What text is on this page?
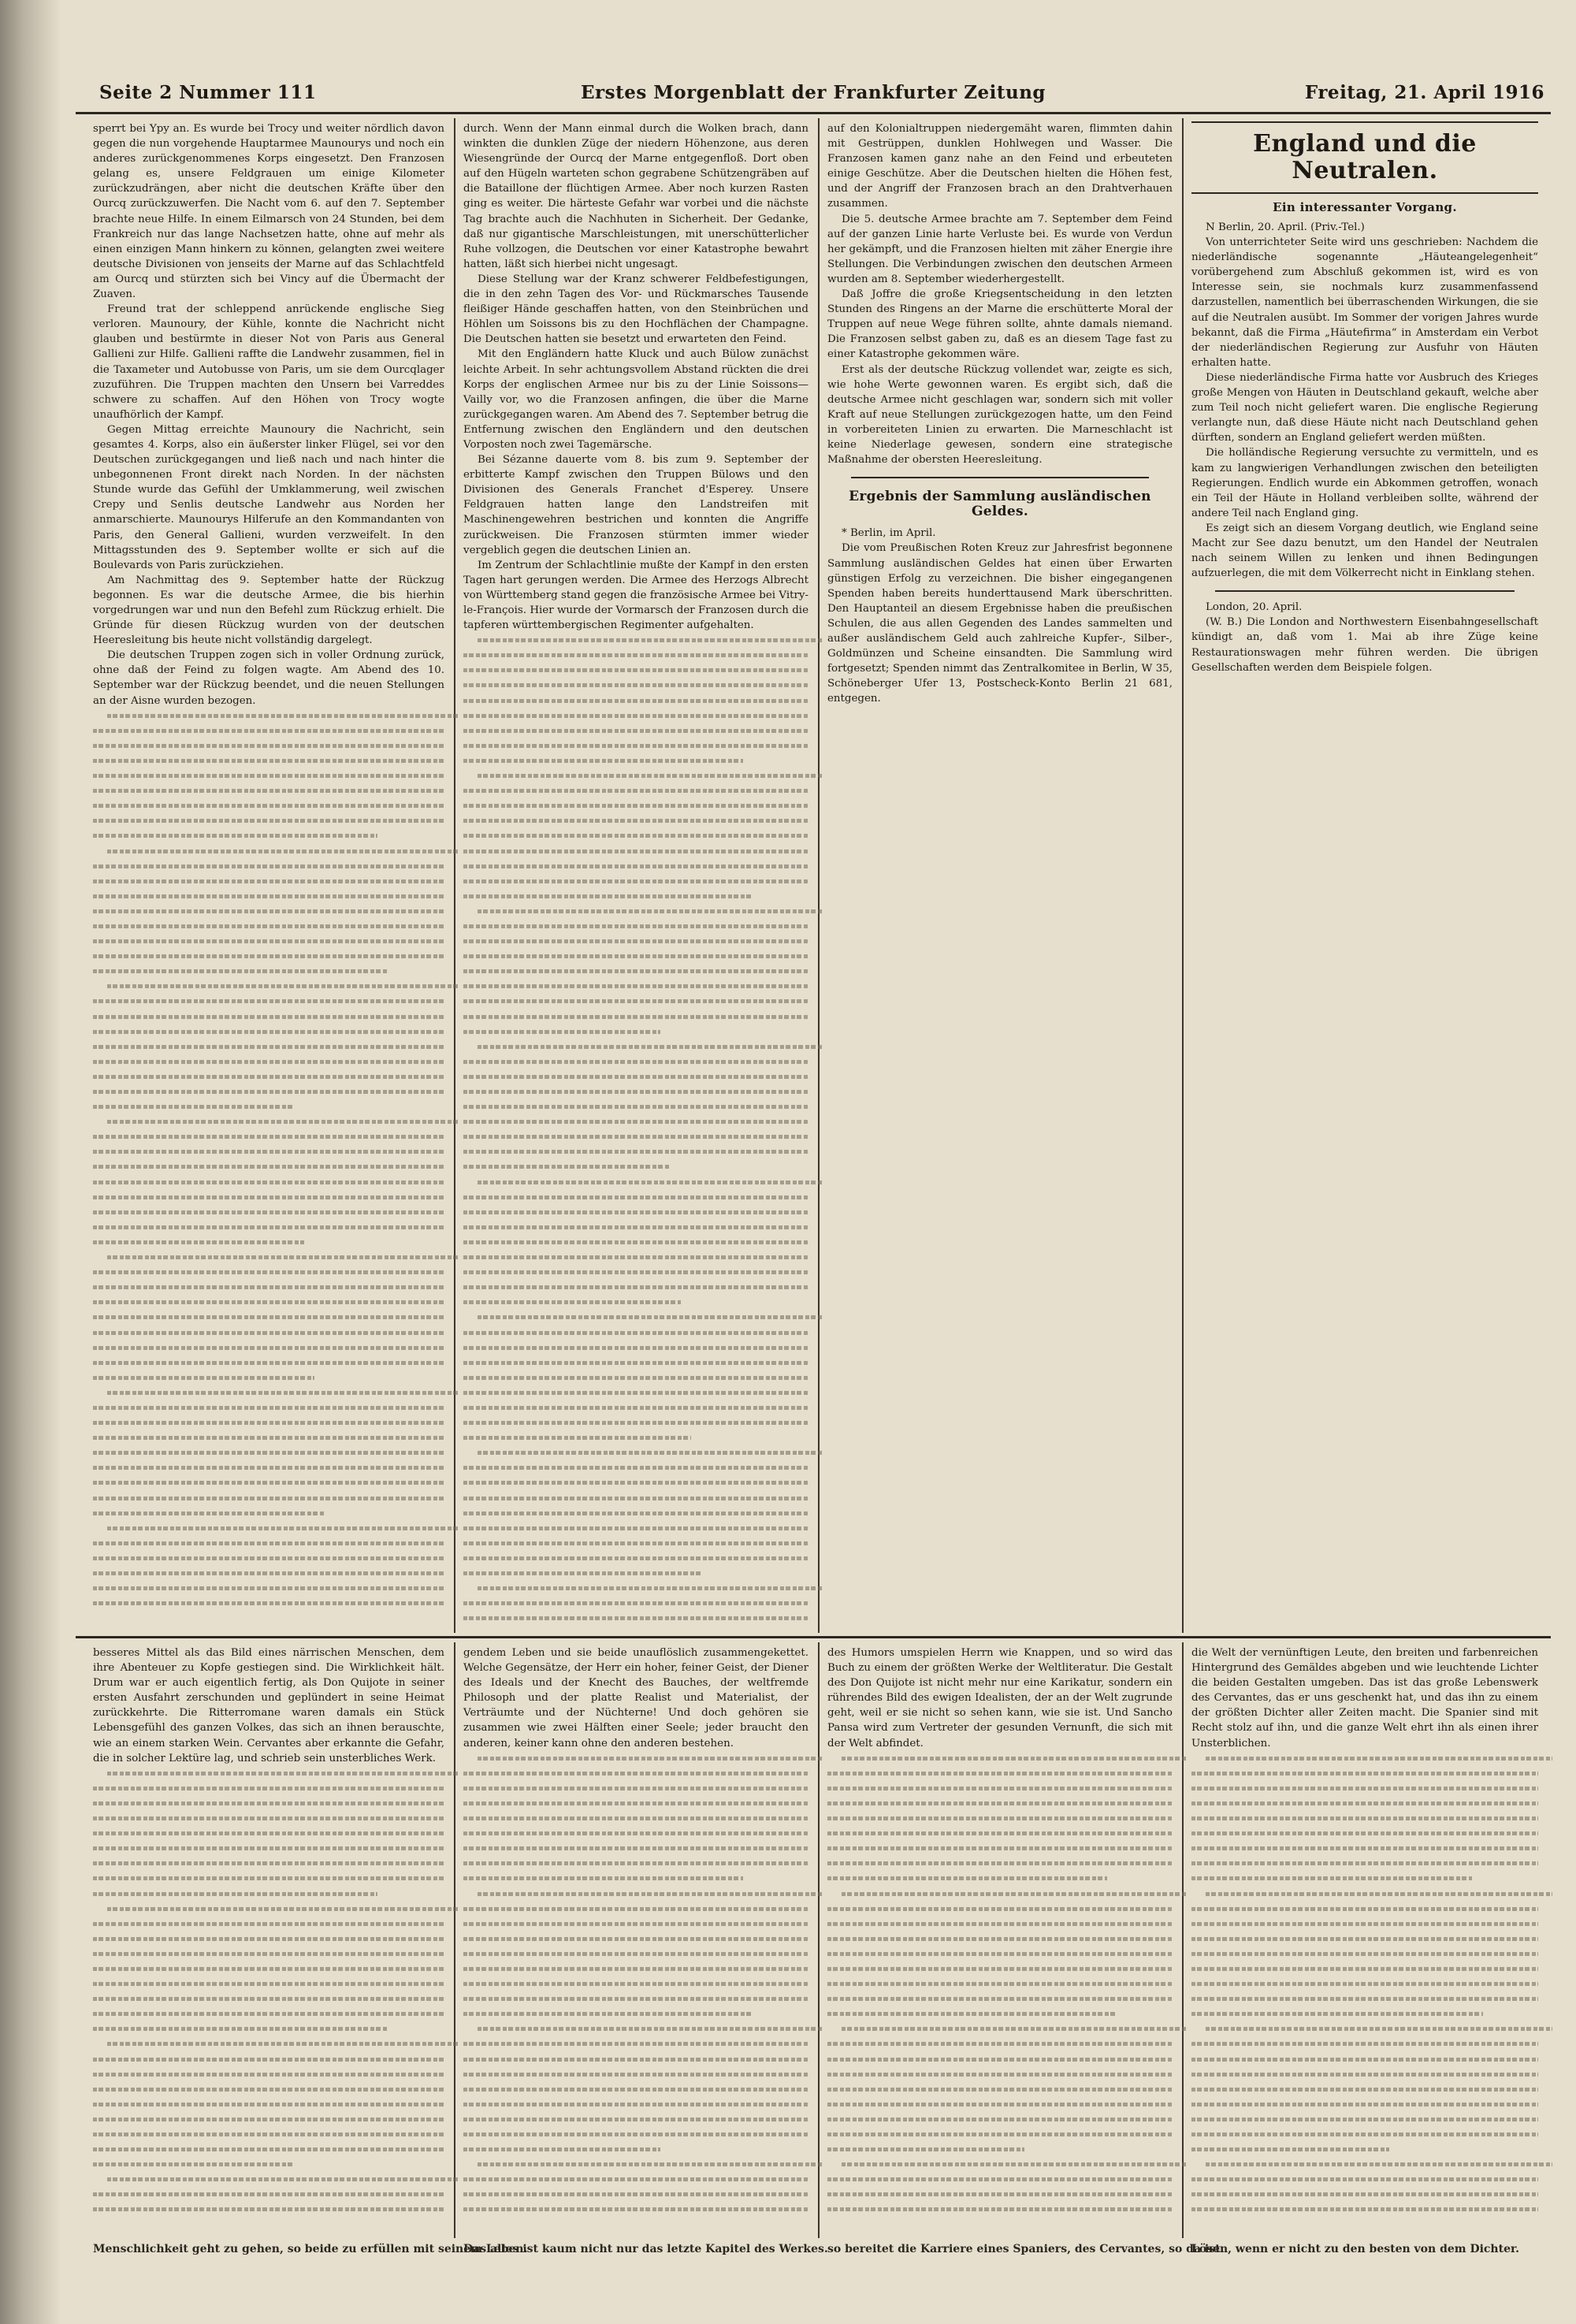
Seite 2 Nummer 111	Erstes Morgenblatt der Frankfurter Zeitung	Freitag, 21. April 1916

sperrt bei Ypy an. Es wurde bei Trocy und weiter nördlich davon gegen die nun vorgehende Hauptarmee Maunourys und noch ein anderes zurückgenommenes Korps eingesetzt. Den Franzosen gelang es, unsere Feldgrauen um einige Kilometer zurückzudrängen, aber nicht die deutschen Kräfte über den Ourcq zurückzuwerfen. Die Nacht vom 6. auf den 7. September brachte neue Hilfe. In einem Eilmarsch von 24 Stunden, bei dem Frankreich nur das lange Nachsetzen hatte, ohne auf mehr als einen einzigen Mann hinkern zu können, gelangten zwei weitere deutsche Divisionen von jenseits der Marne auf das Schlachtfeld am Ourcq und stürzten sich bei Vincy auf die Übermacht der Zuaven.

Freund trat der schleppend anrückende englische Sieg verloren. Maunoury, der Kühle, konnte die Nachricht nicht glauben und bestürmte in dieser Not von Paris aus General Gallieni zur Hilfe. Gallieni raffte die Landwehr zusammen, fiel in die Taxameter und Autobusse von Paris, um sie dem Ourcqlager zuzuführen. Die Truppen machten den Unsern bei Varreddes schwere zu schaffen. Auf den Höhen von Trocy wogte unaufhörlich der Kampf.

Gegen Mittag erreichte Maunoury die Nachricht, sein gesamtes 4. Korps, also ein äußerster linker Flügel, sei vor den Deutschen zurückgegangen und ließ nach und nach hinter die unbegonnenen Front direkt nach Norden. In der nächsten Stunde wurde das Gefühl der Umklammerung, weil zwischen Crepy und Senlis deutsche Landwehr aus Norden her anmarschierte. Maunourys Hilferufe an den Kommandanten von Paris, den General Gallieni, wurden verzweifelt. In den Mittagsstunden des 9. September wollte er sich auf die Boulevards von Paris zurückziehen.

Am Nachmittag des 9. September hatte der Rückzug begonnen. Es war die deutsche Armee, die bis hierhin vorgedrungen war und nun den Befehl zum Rückzug erhielt. Die Gründe für diesen Rückzug wurden von der deutschen Heeresleitung bis heute nicht vollständig dargelegt.

Die deutschen Truppen zogen sich in voller Ordnung zurück, ohne daß der Feind zu folgen wagte. Am Abend des 10. September war der Rückzug beendet, und die neuen Stellungen an der Aisne wurden bezogen.

durch. Wenn der Mann einmal durch die Wolken brach, dann winkten die dunklen Züge der niedern Höhenzone, aus deren Wiesengründe der Ourcq der Marne entgegenfloß. Dort oben auf den Hügeln warteten schon gegrabene Schützengräben auf die Bataillone der flüchtigen Armee. Aber noch kurzen Rasten ging es weiter. Die härteste Gefahr war vorbei und die nächste Tag brachte auch die Nachhuten in Sicherheit. Der Gedanke, daß nur gigantische Marschleistungen, mit unerschütterlicher Ruhe vollzogen, die Deutschen vor einer Katastrophe bewahrt hatten, läßt sich hierbei nicht ungesagt.

Diese Stellung war der Kranz schwerer Feldbefestigungen, die in den zehn Tagen des Vor- und Rückmarsches Tausende fleißiger Hände geschaffen hatten, von den Steinbrüchen und Höhlen um Soissons bis zu den Hochflächen der Champagne. Die Deutschen hatten sie besetzt und erwarteten den Feind.

Mit den Engländern hatte Kluck und auch Bülow zunächst leichte Arbeit. In sehr achtungsvollem Abstand rückten die drei Korps der englischen Armee nur bis zu der Linie Soissons—Vailly vor, wo die Franzosen anfingen, die über die Marne zurückgegangen waren. Am Abend des 7. September betrug die Entfernung zwischen den Engländern und den deutschen Vorposten noch zwei Tagemärsche.

Bei Sézanne dauerte vom 8. bis zum 9. September der erbitterte Kampf zwischen den Truppen Bülows und den Divisionen des Generals Franchet d'Esperey. Unsere Feldgrauen hatten lange den Landstreifen mit Maschinengewehren bestrichen und konnten die Angriffe zurückweisen. Die Franzosen stürmten immer wieder vergeblich gegen die deutschen Linien an.

Im Zentrum der Schlachtlinie mußte der Kampf in den ersten Tagen hart gerungen werden. Die Armee des Herzogs Albrecht von Württemberg stand gegen die französische Armee bei Vitry-le-François. Hier wurde der Vormarsch der Franzosen durch die tapferen württembergischen Regimenter aufgehalten.

auf den Kolonialtruppen niedergemäht waren, flimmten dahin mit Gestrüppen, dunklen Hohlwegen und Wasser. Die Franzosen kamen ganz nahe an den Feind und erbeuteten einige Geschütze. Aber die Deutschen hielten die Höhen fest, und der Angriff der Franzosen brach an den Drahtverhauen zusammen.

Die 5. deutsche Armee brachte am 7. September dem Feind auf der ganzen Linie harte Verluste bei. Es wurde von Verdun her gekämpft, und die Franzosen hielten mit zäher Energie ihre Stellungen. Die Verbindungen zwischen den deutschen Armeen wurden am 8. September wiederhergestellt.

Daß Joffre die große Kriegsentscheidung in den letzten Stunden des Ringens an der Marne die erschütterte Moral der Truppen auf neue Wege führen sollte, ahnte damals niemand. Die Franzosen selbst gaben zu, daß es an diesem Tage fast zu einer Katastrophe gekommen wäre.

Erst als der deutsche Rückzug vollendet war, zeigte es sich, wie hohe Werte gewonnen waren. Es ergibt sich, daß die deutsche Armee nicht geschlagen war, sondern sich mit voller Kraft auf neue Stellungen zurückgezogen hatte, um den Feind in vorbereiteten Linien zu erwarten. Die Marneschlacht ist keine Niederlage gewesen, sondern eine strategische Maßnahme der obersten Heeresleitung.

Ergebnis der Sammlung ausländischen Geldes.

* Berlin, im April.

Die vom Preußischen Roten Kreuz zur Jahresfrist begonnene Sammlung ausländischen Geldes hat einen über Erwarten günstigen Erfolg zu verzeichnen. Die bisher eingegangenen Spenden haben bereits hunderttausend Mark überschritten. Den Hauptanteil an diesem Ergebnisse haben die preußischen Schulen, die aus allen Gegenden des Landes sammelten und außer ausländischem Geld auch zahlreiche Kupfer-, Silber-, Goldmünzen und Scheine einsandten. Die Sammlung wird fortgesetzt; Spenden nimmt das Zentralkomitee in Berlin, W 35, Schöneberger Ufer 13, Postscheck-Konto Berlin 21 681, entgegen.

England und die Neutralen.
Ein interessanter Vorgang.

N Berlin, 20. April. (Priv.-Tel.)

Von unterrichteter Seite wird uns geschrieben: Nachdem die niederländische sogenannte „Häuteangelegenheit“ vorübergehend zum Abschluß gekommen ist, wird es von Interesse sein, sie nochmals kurz zusammenfassend darzustellen, namentlich bei überraschenden Wirkungen, die sie auf die Neutralen ausübt. Im Sommer der vorigen Jahres wurde bekannt, daß die Firma „Häutefirma“ in Amsterdam ein Verbot der niederländischen Regierung zur Ausfuhr von Häuten erhalten hatte.

Diese niederländische Firma hatte vor Ausbruch des Krieges große Mengen von Häuten in Deutschland gekauft, welche aber zum Teil noch nicht geliefert waren. Die englische Regierung verlangte nun, daß diese Häute nicht nach Deutschland gehen dürften, sondern an England geliefert werden müßten.

Die holländische Regierung versuchte zu vermitteln, und es kam zu langwierigen Verhandlungen zwischen den beteiligten Regierungen. Endlich wurde ein Abkommen getroffen, wonach ein Teil der Häute in Holland verbleiben sollte, während der andere Teil nach England ging.

Es zeigt sich an diesem Vorgang deutlich, wie England seine Macht zur See dazu benutzt, um den Handel der Neutralen nach seinem Willen zu lenken und ihnen Bedingungen aufzuerlegen, die mit dem Völkerrecht nicht in Einklang stehen.

London, 20. April.

(W. B.) Die London and Northwestern Eisenbahngesellschaft kündigt an, daß vom 1. Mai ab ihre Züge keine Restaurationswagen mehr führen werden. Die übrigen Gesellschaften werden dem Beispiele folgen.

besseres Mittel als das Bild eines närrischen Menschen, dem ihre Abenteuer zu Kopfe gestiegen sind. Die Wirklichkeit hält. Drum war er auch eigentlich fertig, als Don Quijote in seiner ersten Ausfahrt zerschunden und geplündert in seine Heimat zurückkehrte. Die Ritterromane waren damals ein Stück Lebensgefühl des ganzen Volkes, das sich an ihnen berauschte, wie an einem starken Wein. Cervantes aber erkannte die Gefahr, die in solcher Lektüre lag, und schrieb sein unsterbliches Werk.

gendem Leben und sie beide unauflöslich zusammengekettet. Welche Gegensätze, der Herr ein hoher, feiner Geist, der Diener des Ideals und der Knecht des Bauches, der weltfremde Philosoph und der platte Realist und Materialist, der Verträumte und der Nüchterne! Und doch gehören sie zusammen wie zwei Hälften einer Seele; jeder braucht den anderen, keiner kann ohne den anderen bestehen.

des Humors umspielen Herrn wie Knappen, und so wird das Buch zu einem der größten Werke der Weltliteratur. Die Gestalt des Don Quijote ist nicht mehr nur eine Karikatur, sondern ein rührendes Bild des ewigen Idealisten, der an der Welt zugrunde geht, weil er sie nicht so sehen kann, wie sie ist. Und Sancho Pansa wird zum Vertreter der gesunden Vernunft, die sich mit der Welt abfindet.

die Welt der vernünftigen Leute, den breiten und farbenreichen Hintergrund des Gemäldes abgeben und wie leuchtende Lichter die beiden Gestalten umgeben. Das ist das große Lebenswerk des Cervantes, das er uns geschenkt hat, und das ihn zu einem der größten Dichter aller Zeiten macht. Die Spanier sind mit Recht stolz auf ihn, und die ganze Welt ehrt ihn als einen ihrer Unsterblichen.

Menschlichkeit geht zu gehen, so beide zu erfüllen mit seinem Leben.
Das alles ist kaum nicht nur das letzte Kapitel des Werkes. so bereitet die Karriere eines Spaniers, des Cervantes, so da ist.
Lösen, wenn er nicht zu den besten von dem Dichter.
